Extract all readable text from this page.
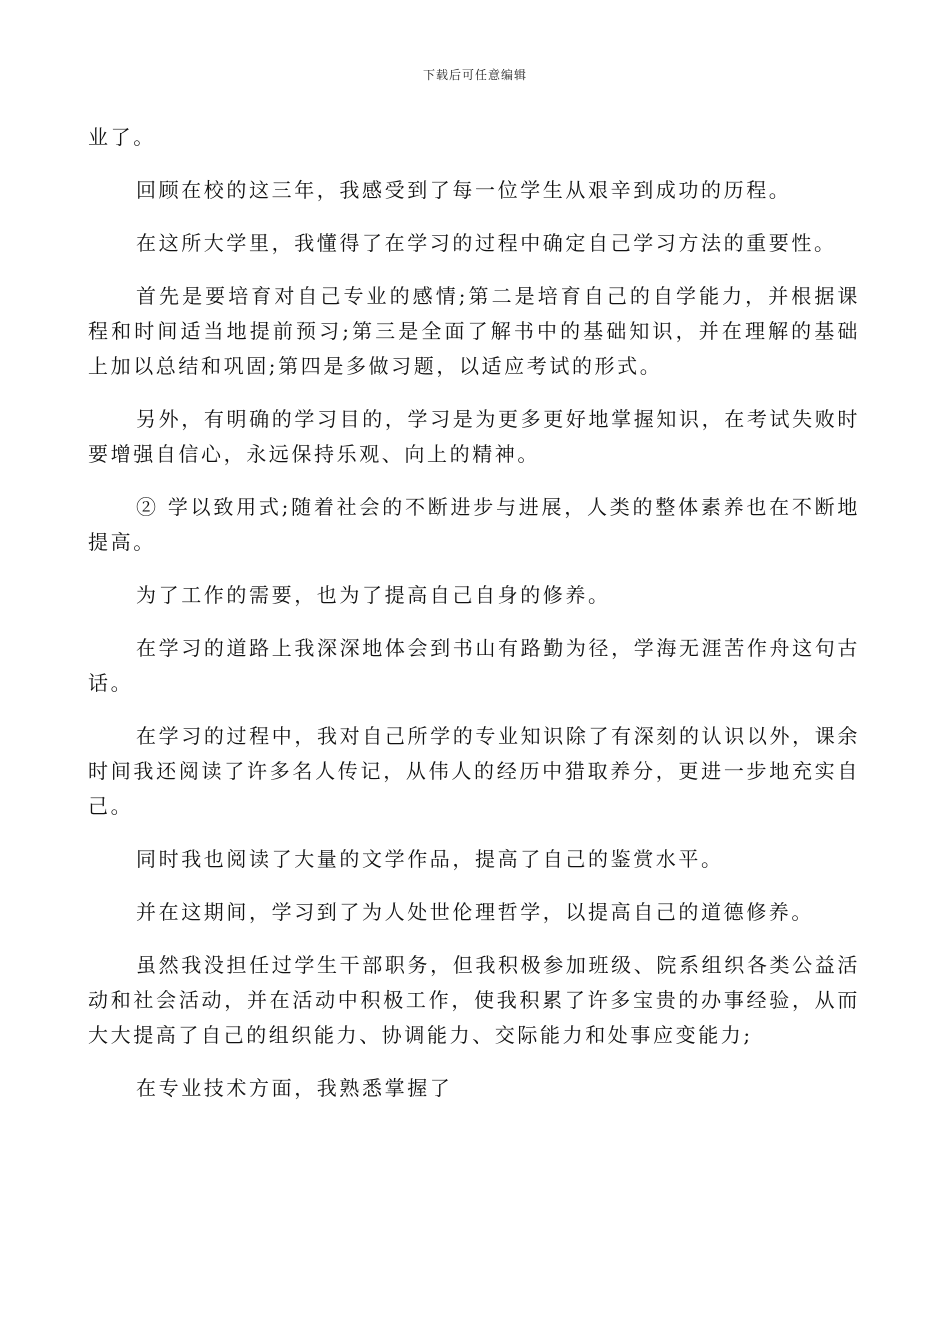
下载后可任意编辑

业了。

回顾在校的这三年，我感受到了每一位学生从艰辛到成功的历程。

在这所大学里，我懂得了在学习的过程中确定自己学习方法的重要性。

首先是要培育对自己专业的感情;第二是培育自己的自学能力，并根据课程和时间适当地提前预习;第三是全面了解书中的基础知识，并在理解的基础上加以总结和巩固;第四是多做习题，以适应考试的形式。

另外，有明确的学习目的，学习是为更多更好地掌握知识，在考试失败时要增强自信心，永远保持乐观、向上的精神。

② 学以致用式;随着社会的不断进步与进展，人类的整体素养也在不断地提高。

为了工作的需要，也为了提高自己自身的修养。

在学习的道路上我深深地体会到书山有路勤为径，学海无涯苦作舟这句古话。

在学习的过程中，我对自己所学的专业知识除了有深刻的认识以外，课余时间我还阅读了许多名人传记，从伟人的经历中猎取养分，更进一步地充实自己。

同时我也阅读了大量的文学作品，提高了自己的鉴赏水平。

并在这期间，学习到了为人处世伦理哲学，以提高自己的道德修养。

虽然我没担任过学生干部职务，但我积极参加班级、院系组织各类公益活动和社会活动，并在活动中积极工作，使我积累了许多宝贵的办事经验，从而大大提高了自己的组织能力、协调能力、交际能力和处事应变能力;

在专业技术方面，我熟悉掌握了
